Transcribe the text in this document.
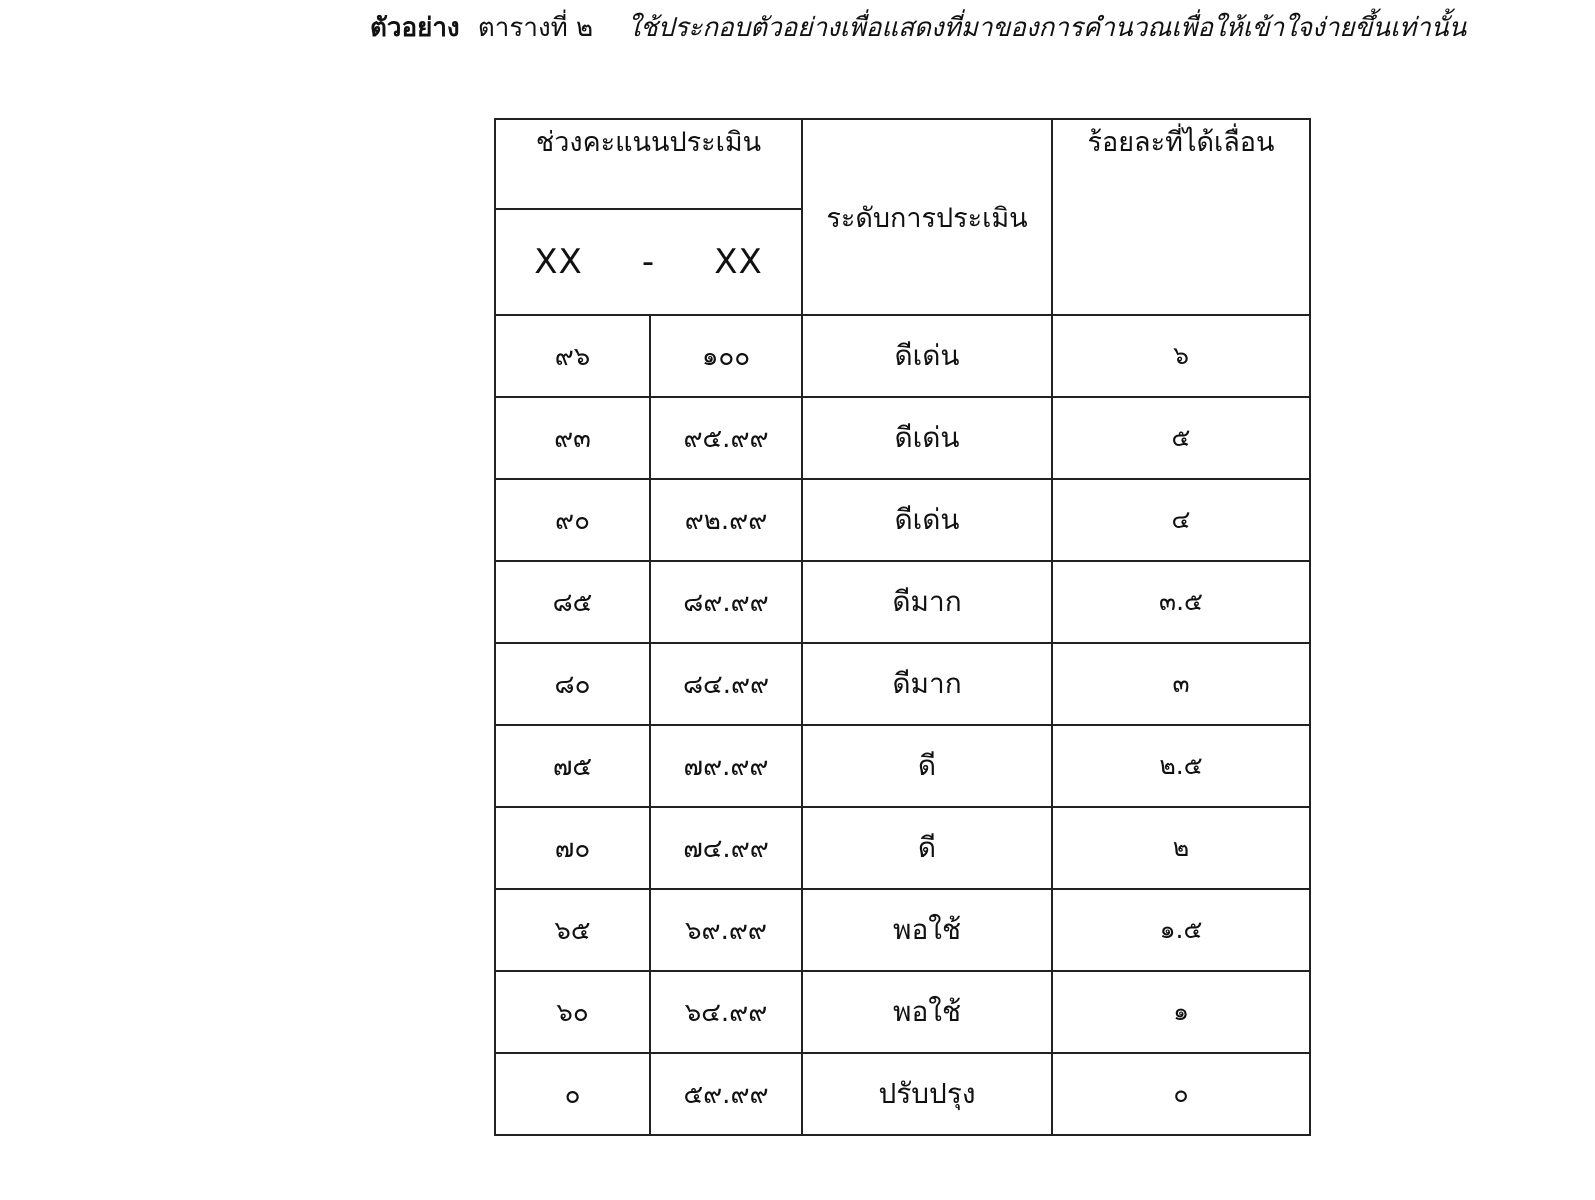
ตัวอย่าง ตารางที่ ๒ ใช้ประกอบตัวอย่างเพื่อแสดงที่มาของการคำนวณเพื่อให้เข้าใจง่ายขึ้นเท่านั้น
ช่วงคะแนนประเมิน		ระดับการประเมิน	ร้อยละที่ได้เลื่อน
XX - XX			
๙๖	๑๐๐	ดีเด่น	๖
๙๓	๙๕.๙๙	ดีเด่น	๕
๙๐	๙๒.๙๙	ดีเด่น	๔
๘๕	๘๙.๙๙	ดีมาก	๓.๕
๘๐	๘๔.๙๙	ดีมาก	๓
๗๕	๗๙.๙๙	ดี	๒.๕
๗๐	๗๔.๙๙	ดี	๒
๖๕	๖๙.๙๙	พอใช้	๑.๕
๖๐	๖๔.๙๙	พอใช้	๑
๐	๕๙.๙๙	ปรับปรุง	๐
